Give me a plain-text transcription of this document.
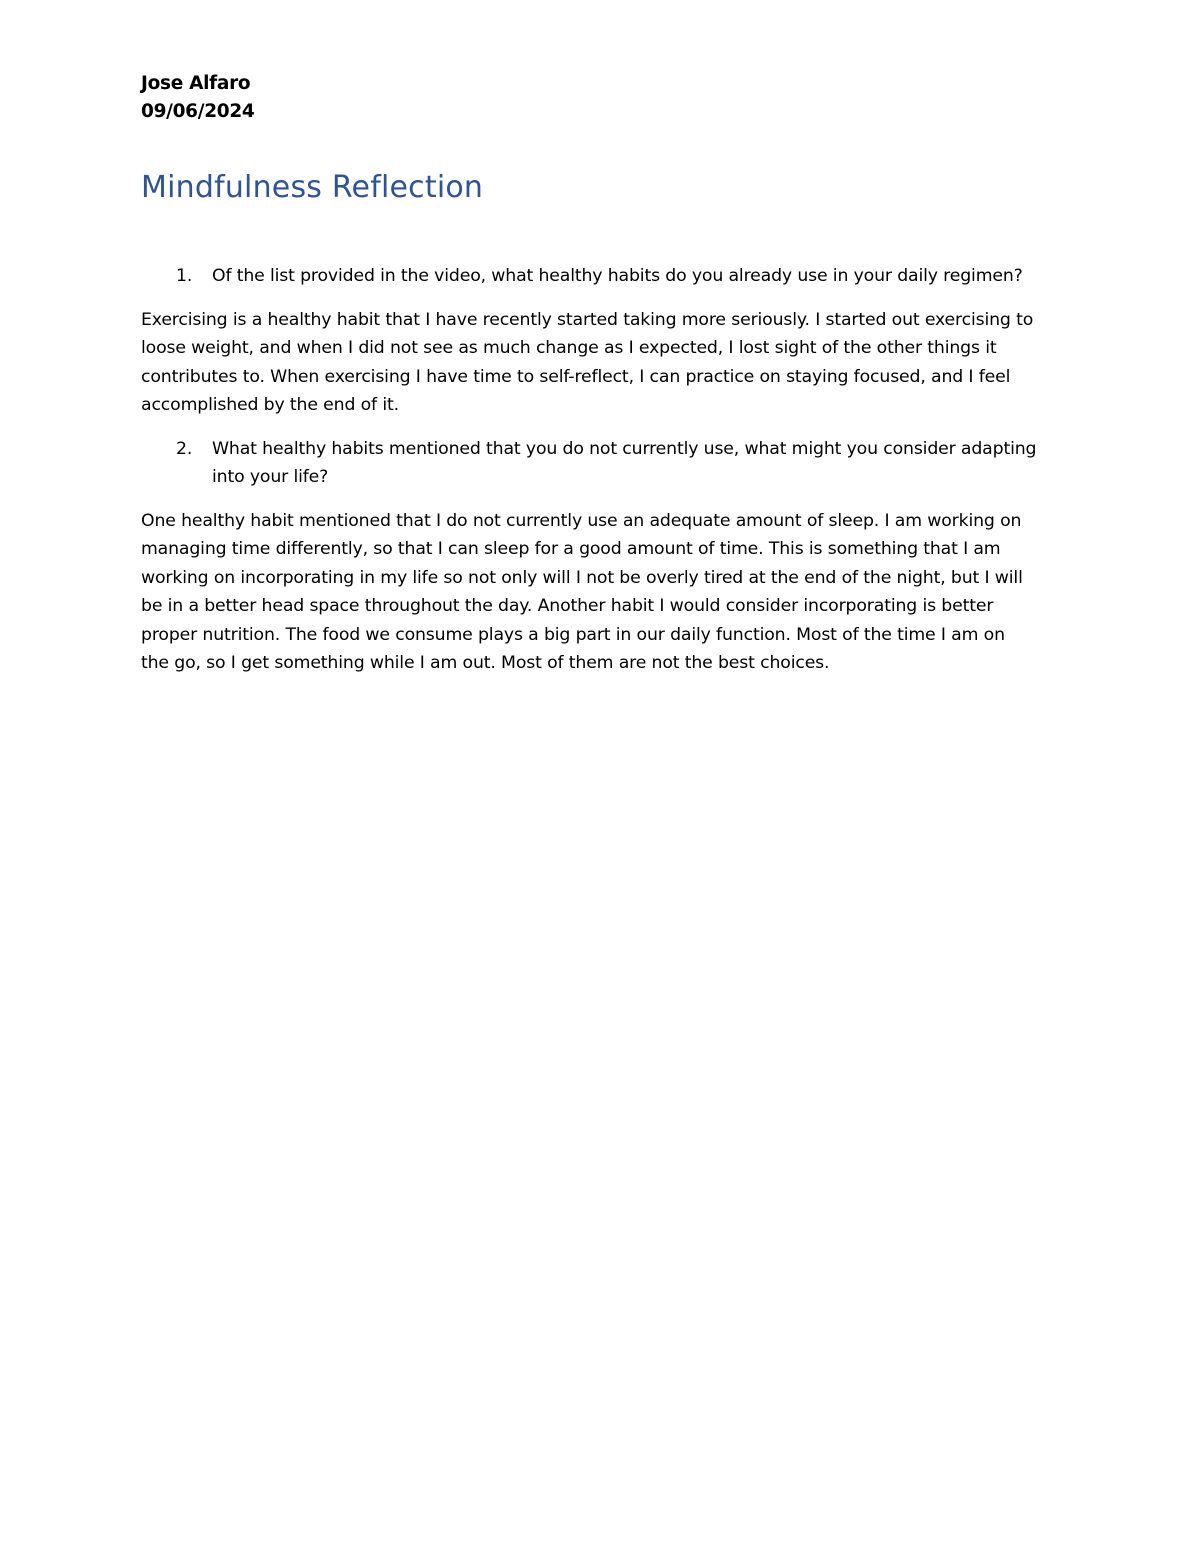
Jose Alfaro

09/06/2024

Mindfulness Reflection
1. Of the list provided in the video, what healthy habits do you already use in your daily regimen?
Exercising is a healthy habit that I have recently started taking more seriously. I started out exercising to
loose weight, and when I did not see as much change as I expected, I lost sight of the other things it
contributes to. When exercising I have time to self-reflect, I can practice on staying focused, and I feel
accomplished by the end of it.
2. What healthy habits mentioned that you do not currently use, what might you consider adapting
into your life?
One healthy habit mentioned that I do not currently use an adequate amount of sleep. I am working on
managing time differently, so that I can sleep for a good amount of time. This is something that I am
working on incorporating in my life so not only will I not be overly tired at the end of the night, but I will
be in a better head space throughout the day. Another habit I would consider incorporating is better
proper nutrition. The food we consume plays a big part in our daily function. Most of the time I am on
the go, so I get something while I am out. Most of them are not the best choices.
